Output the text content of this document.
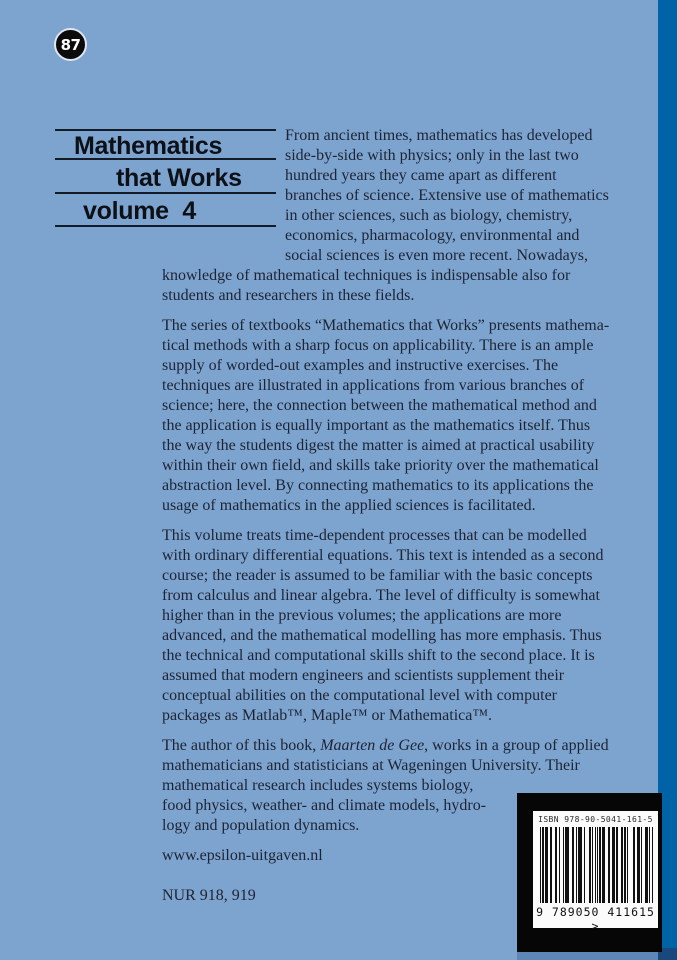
87
Mathematics
that Works
volume 4
From ancient times, mathematics has developed
side-by-side with physics; only in the last two
hundred years they came apart as different
branches of science. Extensive use of mathematics
in other sciences, such as biology, chemistry,
economics, pharmacology, environmental and
social sciences is even more recent. Nowadays,
knowledge of mathematical techniques is indispensable also for
students and researchers in these fields.
The series of textbooks “Mathematics that Works” presents mathema-
tical methods with a sharp focus on applicability. There is an ample
supply of worded-out examples and instructive exercises. The
techniques are illustrated in applications from various branches of
science; here, the connection between the mathematical method and
the application is equally important as the mathematics itself. Thus
the way the students digest the matter is aimed at practical usability
within their own field, and skills take priority over the mathematical
abstraction level. By connecting mathematics to its applications the
usage of mathematics in the applied sciences is facilitated.
This volume treats time-dependent processes that can be modelled
with ordinary differential equations. This text is intended as a second
course; the reader is assumed to be familiar with the basic concepts
from calculus and linear algebra. The level of difficulty is somewhat
higher than in the previous volumes; the applications are more
advanced, and the mathematical modelling has more emphasis. Thus
the technical and computational skills shift to the second place. It is
assumed that modern engineers and scientists supplement their
conceptual abilities on the computational level with computer
packages as Matlab™, Maple™ or Mathematica™.
The author of this book, Maarten de Gee, works in a group of applied
mathematicians and statisticians at Wageningen University. Their
mathematical research includes systems biology,
food physics, weather- and climate models, hydro-
logy and population dynamics.
www.epsilon-uitgaven.nl
NUR 918, 919
ISBN 978-90-5041-161-5
9 789050 411615 >
